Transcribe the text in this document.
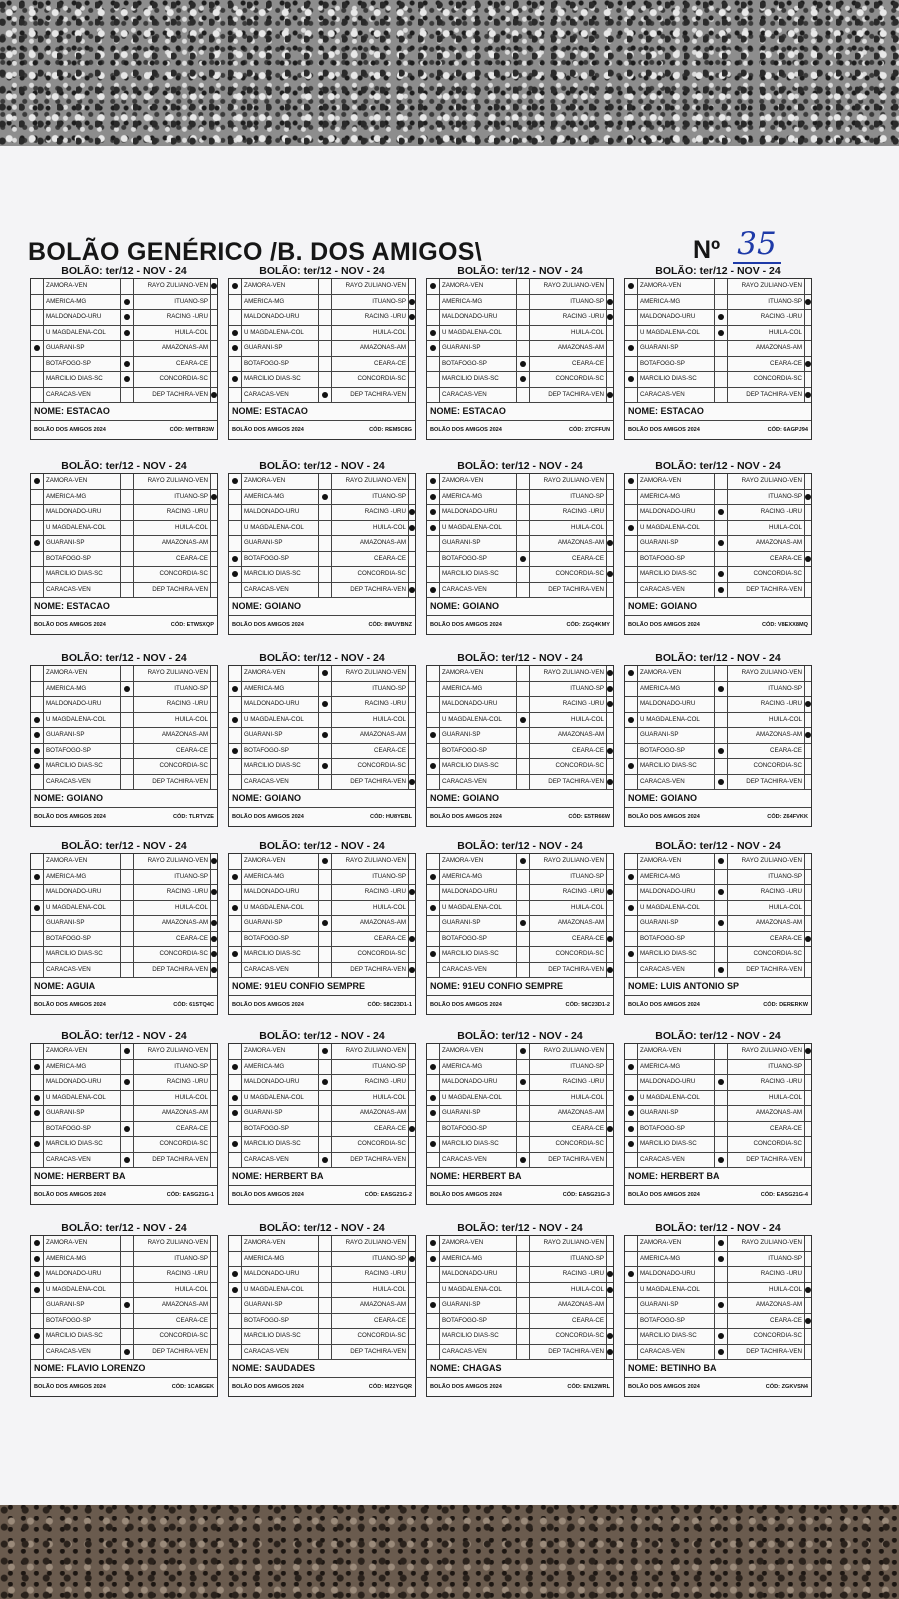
BOLÃO GENÉRICO /B. DOS AMIGOS\	Nº 35
BOLÃO: ter/12 - NOV - 24
ZAMORA-VEN	RAYO ZULIANO-VEN
AMERICA-MG	ITUANO-SP
MALDONADO-URU	RACING -URU
U MAGDALENA-COL	HUILA-COL
GUARANI-SP	AMAZONAS-AM
BOTAFOGO-SP	CEARA-CE
MARCILIO DIAS-SC	CONCORDIA-SC
CARACAS-VEN	DEP TACHIRA-VEN
NOME: ESTACAO
BOLÃO DOS AMIGOS 2024	CÓD: MHTBR3W
BOLÃO: ter/12 - NOV - 24
ZAMORA-VEN	RAYO ZULIANO-VEN
AMERICA-MG	ITUANO-SP
MALDONADO-URU	RACING -URU
U MAGDALENA-COL	HUILA-COL
GUARANI-SP	AMAZONAS-AM
BOTAFOGO-SP	CEARA-CE
MARCILIO DIAS-SC	CONCORDIA-SC
CARACAS-VEN	DEP TACHIRA-VEN
NOME: ESTACAO
BOLÃO DOS AMIGOS 2024	CÓD: REM5C8G
BOLÃO: ter/12 - NOV - 24
ZAMORA-VEN	RAYO ZULIANO-VEN
AMERICA-MG	ITUANO-SP
MALDONADO-URU	RACING -URU
U MAGDALENA-COL	HUILA-COL
GUARANI-SP	AMAZONAS-AM
BOTAFOGO-SP	CEARA-CE
MARCILIO DIAS-SC	CONCORDIA-SC
CARACAS-VEN	DEP TACHIRA-VEN
NOME: ESTACAO
BOLÃO DOS AMIGOS 2024	CÓD: 27CFFUN
BOLÃO: ter/12 - NOV - 24
ZAMORA-VEN	RAYO ZULIANO-VEN
AMERICA-MG	ITUANO-SP
MALDONADO-URU	RACING -URU
U MAGDALENA-COL	HUILA-COL
GUARANI-SP	AMAZONAS-AM
BOTAFOGO-SP	CEARA-CE
MARCILIO DIAS-SC	CONCORDIA-SC
CARACAS-VEN	DEP TACHIRA-VEN
NOME: ESTACAO
BOLÃO DOS AMIGOS 2024	CÓD: 6AGPJ94
BOLÃO: ter/12 - NOV - 24
ZAMORA-VEN	RAYO ZULIANO-VEN
AMERICA-MG	ITUANO-SP
MALDONADO-URU	RACING -URU
U MAGDALENA-COL	HUILA-COL
GUARANI-SP	AMAZONAS-AM
BOTAFOGO-SP	CEARA-CE
MARCILIO DIAS-SC	CONCORDIA-SC
CARACAS-VEN	DEP TACHIRA-VEN
NOME: ESTACAO
BOLÃO DOS AMIGOS 2024	CÓD: ETW5XQP
BOLÃO: ter/12 - NOV - 24
ZAMORA-VEN	RAYO ZULIANO-VEN
AMERICA-MG	ITUANO-SP
MALDONADO-URU	RACING -URU
U MAGDALENA-COL	HUILA-COL
GUARANI-SP	AMAZONAS-AM
BOTAFOGO-SP	CEARA-CE
MARCILIO DIAS-SC	CONCORDIA-SC
CARACAS-VEN	DEP TACHIRA-VEN
NOME: GOIANO
BOLÃO DOS AMIGOS 2024	CÓD: 8WUYBNZ
BOLÃO: ter/12 - NOV - 24
ZAMORA-VEN	RAYO ZULIANO-VEN
AMERICA-MG	ITUANO-SP
MALDONADO-URU	RACING -URU
U MAGDALENA-COL	HUILA-COL
GUARANI-SP	AMAZONAS-AM
BOTAFOGO-SP	CEARA-CE
MARCILIO DIAS-SC	CONCORDIA-SC
CARACAS-VEN	DEP TACHIRA-VEN
NOME: GOIANO
BOLÃO DOS AMIGOS 2024	CÓD: ZGQ4KMY
BOLÃO: ter/12 - NOV - 24
ZAMORA-VEN	RAYO ZULIANO-VEN
AMERICA-MG	ITUANO-SP
MALDONADO-URU	RACING -URU
U MAGDALENA-COL	HUILA-COL
GUARANI-SP	AMAZONAS-AM
BOTAFOGO-SP	CEARA-CE
MARCILIO DIAS-SC	CONCORDIA-SC
CARACAS-VEN	DEP TACHIRA-VEN
NOME: GOIANO
BOLÃO DOS AMIGOS 2024	CÓD: V8EXX8MQ
BOLÃO: ter/12 - NOV - 24
ZAMORA-VEN	RAYO ZULIANO-VEN
AMERICA-MG	ITUANO-SP
MALDONADO-URU	RACING -URU
U MAGDALENA-COL	HUILA-COL
GUARANI-SP	AMAZONAS-AM
BOTAFOGO-SP	CEARA-CE
MARCILIO DIAS-SC	CONCORDIA-SC
CARACAS-VEN	DEP TACHIRA-VEN
NOME: GOIANO
BOLÃO DOS AMIGOS 2024	CÓD: TLRTVZE
BOLÃO: ter/12 - NOV - 24
ZAMORA-VEN	RAYO ZULIANO-VEN
AMERICA-MG	ITUANO-SP
MALDONADO-URU	RACING -URU
U MAGDALENA-COL	HUILA-COL
GUARANI-SP	AMAZONAS-AM
BOTAFOGO-SP	CEARA-CE
MARCILIO DIAS-SC	CONCORDIA-SC
CARACAS-VEN	DEP TACHIRA-VEN
NOME: GOIANO
BOLÃO DOS AMIGOS 2024	CÓD: HU8YEBL
BOLÃO: ter/12 - NOV - 24
ZAMORA-VEN	RAYO ZULIANO-VEN
AMERICA-MG	ITUANO-SP
MALDONADO-URU	RACING -URU
U MAGDALENA-COL	HUILA-COL
GUARANI-SP	AMAZONAS-AM
BOTAFOGO-SP	CEARA-CE
MARCILIO DIAS-SC	CONCORDIA-SC
CARACAS-VEN	DEP TACHIRA-VEN
NOME: GOIANO
BOLÃO DOS AMIGOS 2024	CÓD: E5TR66W
BOLÃO: ter/12 - NOV - 24
ZAMORA-VEN	RAYO ZULIANO-VEN
AMERICA-MG	ITUANO-SP
MALDONADO-URU	RACING -URU
U MAGDALENA-COL	HUILA-COL
GUARANI-SP	AMAZONAS-AM
BOTAFOGO-SP	CEARA-CE
MARCILIO DIAS-SC	CONCORDIA-SC
CARACAS-VEN	DEP TACHIRA-VEN
NOME: GOIANO
BOLÃO DOS AMIGOS 2024	CÓD: Z64FVKK
BOLÃO: ter/12 - NOV - 24
ZAMORA-VEN	RAYO ZULIANO-VEN
AMERICA-MG	ITUANO-SP
MALDONADO-URU	RACING -URU
U MAGDALENA-COL	HUILA-COL
GUARANI-SP	AMAZONAS-AM
BOTAFOGO-SP	CEARA-CE
MARCILIO DIAS-SC	CONCORDIA-SC
CARACAS-VEN	DEP TACHIRA-VEN
NOME: AGUIA
BOLÃO DOS AMIGOS 2024	CÓD: 61STQ4C
BOLÃO: ter/12 - NOV - 24
ZAMORA-VEN	RAYO ZULIANO-VEN
AMERICA-MG	ITUANO-SP
MALDONADO-URU	RACING -URU
U MAGDALENA-COL	HUILA-COL
GUARANI-SP	AMAZONAS-AM
BOTAFOGO-SP	CEARA-CE
MARCILIO DIAS-SC	CONCORDIA-SC
CARACAS-VEN	DEP TACHIRA-VEN
NOME: 91EU CONFIO SEMPRE
BOLÃO DOS AMIGOS 2024	CÓD: 58C23D1-1
BOLÃO: ter/12 - NOV - 24
ZAMORA-VEN	RAYO ZULIANO-VEN
AMERICA-MG	ITUANO-SP
MALDONADO-URU	RACING -URU
U MAGDALENA-COL	HUILA-COL
GUARANI-SP	AMAZONAS-AM
BOTAFOGO-SP	CEARA-CE
MARCILIO DIAS-SC	CONCORDIA-SC
CARACAS-VEN	DEP TACHIRA-VEN
NOME: 91EU CONFIO SEMPRE
BOLÃO DOS AMIGOS 2024	CÓD: 58C23D1-2
BOLÃO: ter/12 - NOV - 24
ZAMORA-VEN	RAYO ZULIANO-VEN
AMERICA-MG	ITUANO-SP
MALDONADO-URU	RACING -URU
U MAGDALENA-COL	HUILA-COL
GUARANI-SP	AMAZONAS-AM
BOTAFOGO-SP	CEARA-CE
MARCILIO DIAS-SC	CONCORDIA-SC
CARACAS-VEN	DEP TACHIRA-VEN
NOME: LUIS ANTONIO SP
BOLÃO DOS AMIGOS 2024	CÓD: DERERKW
BOLÃO: ter/12 - NOV - 24
ZAMORA-VEN	RAYO ZULIANO-VEN
AMERICA-MG	ITUANO-SP
MALDONADO-URU	RACING -URU
U MAGDALENA-COL	HUILA-COL
GUARANI-SP	AMAZONAS-AM
BOTAFOGO-SP	CEARA-CE
MARCILIO DIAS-SC	CONCORDIA-SC
CARACAS-VEN	DEP TACHIRA-VEN
NOME: HERBERT BA
BOLÃO DOS AMIGOS 2024	CÓD: EASG21G-1
BOLÃO: ter/12 - NOV - 24
ZAMORA-VEN	RAYO ZULIANO-VEN
AMERICA-MG	ITUANO-SP
MALDONADO-URU	RACING -URU
U MAGDALENA-COL	HUILA-COL
GUARANI-SP	AMAZONAS-AM
BOTAFOGO-SP	CEARA-CE
MARCILIO DIAS-SC	CONCORDIA-SC
CARACAS-VEN	DEP TACHIRA-VEN
NOME: HERBERT BA
BOLÃO DOS AMIGOS 2024	CÓD: EASG21G-2
BOLÃO: ter/12 - NOV - 24
ZAMORA-VEN	RAYO ZULIANO-VEN
AMERICA-MG	ITUANO-SP
MALDONADO-URU	RACING -URU
U MAGDALENA-COL	HUILA-COL
GUARANI-SP	AMAZONAS-AM
BOTAFOGO-SP	CEARA-CE
MARCILIO DIAS-SC	CONCORDIA-SC
CARACAS-VEN	DEP TACHIRA-VEN
NOME: HERBERT BA
BOLÃO DOS AMIGOS 2024	CÓD: EASG21G-3
BOLÃO: ter/12 - NOV - 24
ZAMORA-VEN	RAYO ZULIANO-VEN
AMERICA-MG	ITUANO-SP
MALDONADO-URU	RACING -URU
U MAGDALENA-COL	HUILA-COL
GUARANI-SP	AMAZONAS-AM
BOTAFOGO-SP	CEARA-CE
MARCILIO DIAS-SC	CONCORDIA-SC
CARACAS-VEN	DEP TACHIRA-VEN
NOME: HERBERT BA
BOLÃO DOS AMIGOS 2024	CÓD: EASG21G-4
BOLÃO: ter/12 - NOV - 24
ZAMORA-VEN	RAYO ZULIANO-VEN
AMERICA-MG	ITUANO-SP
MALDONADO-URU	RACING -URU
U MAGDALENA-COL	HUILA-COL
GUARANI-SP	AMAZONAS-AM
BOTAFOGO-SP	CEARA-CE
MARCILIO DIAS-SC	CONCORDIA-SC
CARACAS-VEN	DEP TACHIRA-VEN
NOME: FLAVIO LORENZO
BOLÃO DOS AMIGOS 2024	CÓD: 1CA8GEK
BOLÃO: ter/12 - NOV - 24
ZAMORA-VEN	RAYO ZULIANO-VEN
AMERICA-MG	ITUANO-SP
MALDONADO-URU	RACING -URU
U MAGDALENA-COL	HUILA-COL
GUARANI-SP	AMAZONAS-AM
BOTAFOGO-SP	CEARA-CE
MARCILIO DIAS-SC	CONCORDIA-SC
CARACAS-VEN	DEP TACHIRA-VEN
NOME: SAUDADES
BOLÃO DOS AMIGOS 2024	CÓD: M22YGQR
BOLÃO: ter/12 - NOV - 24
ZAMORA-VEN	RAYO ZULIANO-VEN
AMERICA-MG	ITUANO-SP
MALDONADO-URU	RACING -URU
U MAGDALENA-COL	HUILA-COL
GUARANI-SP	AMAZONAS-AM
BOTAFOGO-SP	CEARA-CE
MARCILIO DIAS-SC	CONCORDIA-SC
CARACAS-VEN	DEP TACHIRA-VEN
NOME: CHAGAS
BOLÃO DOS AMIGOS 2024	CÓD: EN12WRL
BOLÃO: ter/12 - NOV - 24
ZAMORA-VEN	RAYO ZULIANO-VEN
AMERICA-MG	ITUANO-SP
MALDONADO-URU	RACING -URU
U MAGDALENA-COL	HUILA-COL
GUARANI-SP	AMAZONAS-AM
BOTAFOGO-SP	CEARA-CE
MARCILIO DIAS-SC	CONCORDIA-SC
CARACAS-VEN	DEP TACHIRA-VEN
NOME: BETINHO BA
BOLÃO DOS AMIGOS 2024	CÓD: ZGKVSN4
